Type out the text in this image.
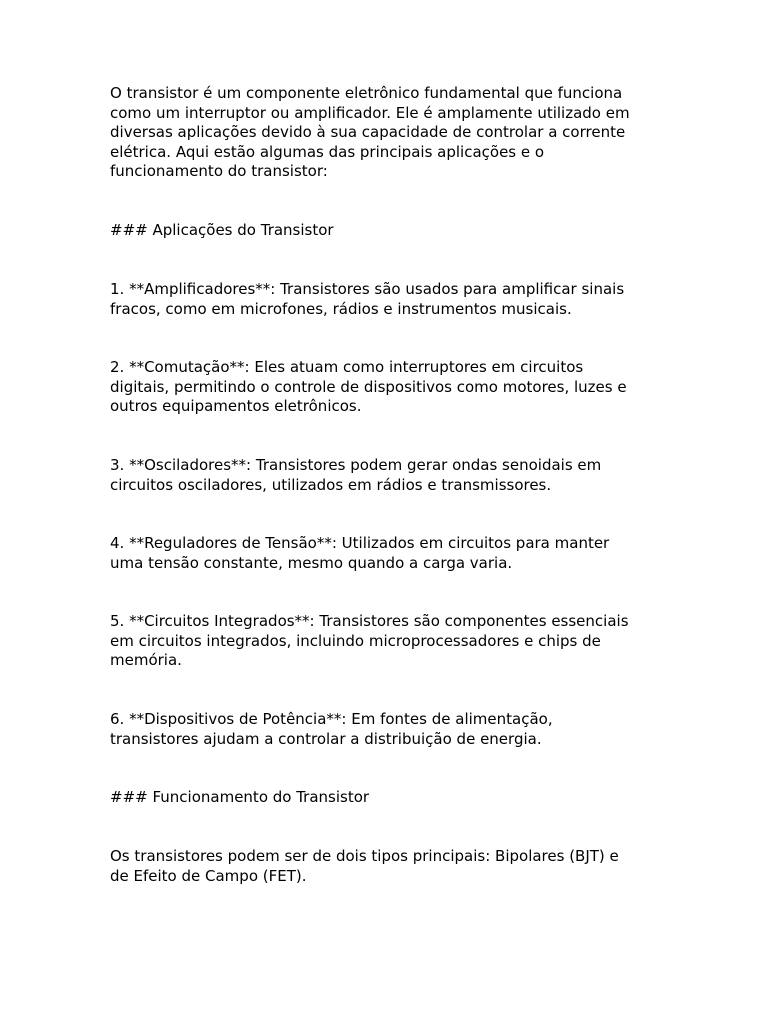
O transistor é um componente eletrônico fundamental que funciona
como um interruptor ou amplificador. Ele é amplamente utilizado em
diversas aplicações devido à sua capacidade de controlar a corrente
elétrica. Aqui estão algumas das principais aplicações e o
funcionamento do transistor:
### Aplicações do Transistor
1. **Amplificadores**: Transistores são usados para amplificar sinais
fracos, como em microfones, rádios e instrumentos musicais.
2. **Comutação**: Eles atuam como interruptores em circuitos
digitais, permitindo o controle de dispositivos como motores, luzes e
outros equipamentos eletrônicos.
3. **Osciladores**: Transistores podem gerar ondas senoidais em
circuitos osciladores, utilizados em rádios e transmissores.
4. **Reguladores de Tensão**: Utilizados em circuitos para manter
uma tensão constante, mesmo quando a carga varia.
5. **Circuitos Integrados**: Transistores são componentes essenciais
em circuitos integrados, incluindo microprocessadores e chips de
memória.
6. **Dispositivos de Potência**: Em fontes de alimentação,
transistores ajudam a controlar a distribuição de energia.
### Funcionamento do Transistor
Os transistores podem ser de dois tipos principais: Bipolares (BJT) e
de Efeito de Campo (FET).
